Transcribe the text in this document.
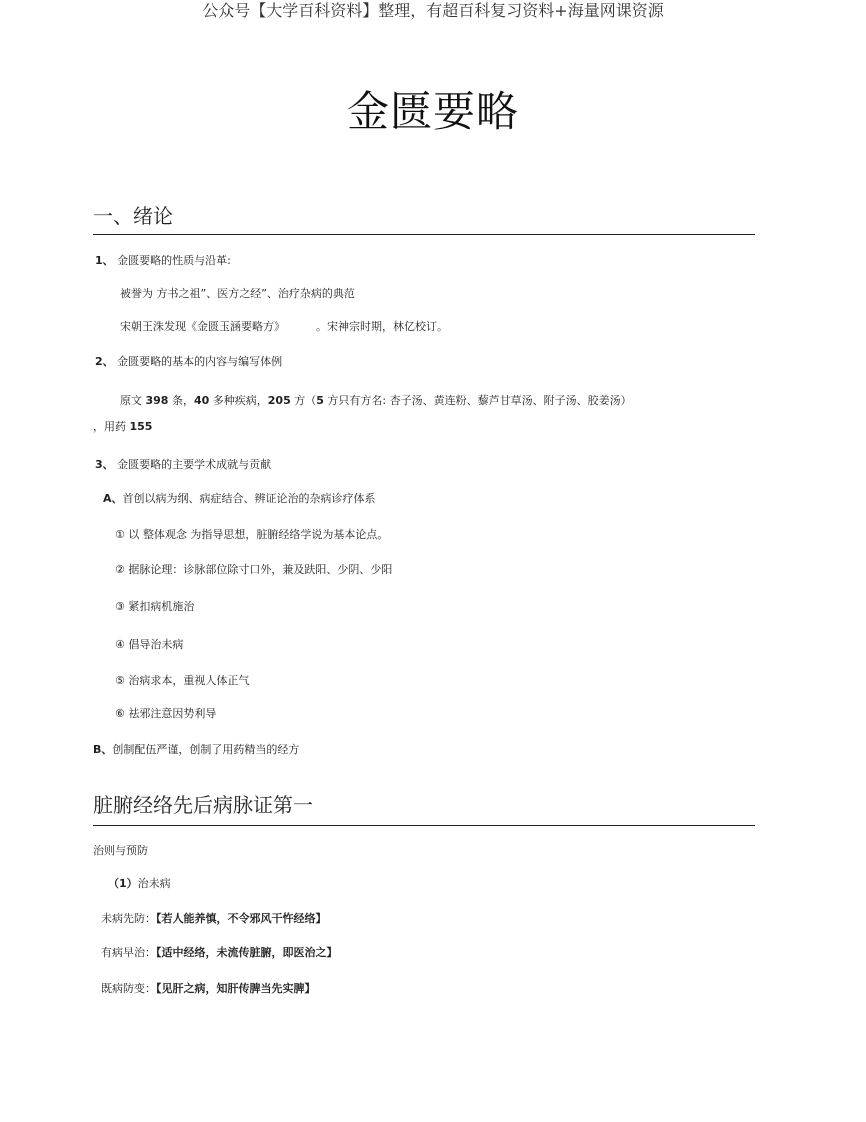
公众号【大学百科资料】整理，有超百科复习资料+海量网课资源
金匮要略
一、绪论
1、 金匮要略的性质与沿革:
被誉为 方书之祖”、医方之经”、治疗杂病的典范
宋朝王洙发现《金匮玉涵要略方》	。宋神宗时期，林亿校订。
2、 金匮要略的基本的内容与编写体例
原文 398 条，40 多种疾病，205 方（5 方只有方名: 杏子汤、黄连粉、藜芦甘草汤、附子汤、胶姜汤）
，用药 155
3、 金匮要略的主要学术成就与贡献
A、首创以病为纲、病症结合、辨证论治的杂病诊疗体系
① 以 整体观念 为指导思想，脏腑经络学说为基本论点。
② 据脉论理：诊脉部位除寸口外，兼及趺阳、少阴、少阳
③ 紧扣病机施治
④ 倡导治未病
⑤ 治病求本，重视人体正气
⑥ 祛邪注意因势利导
B、创制配伍严谨，创制了用药精当的经方
脏腑经络先后病脉证第一
治则与预防
（1）治未病
未病先防：【若人能养慎，不令邪风干忤经络】
有病早治：【适中经络，未流传脏腑，即医治之】
既病防变：【见肝之病，知肝传脾当先实脾】
